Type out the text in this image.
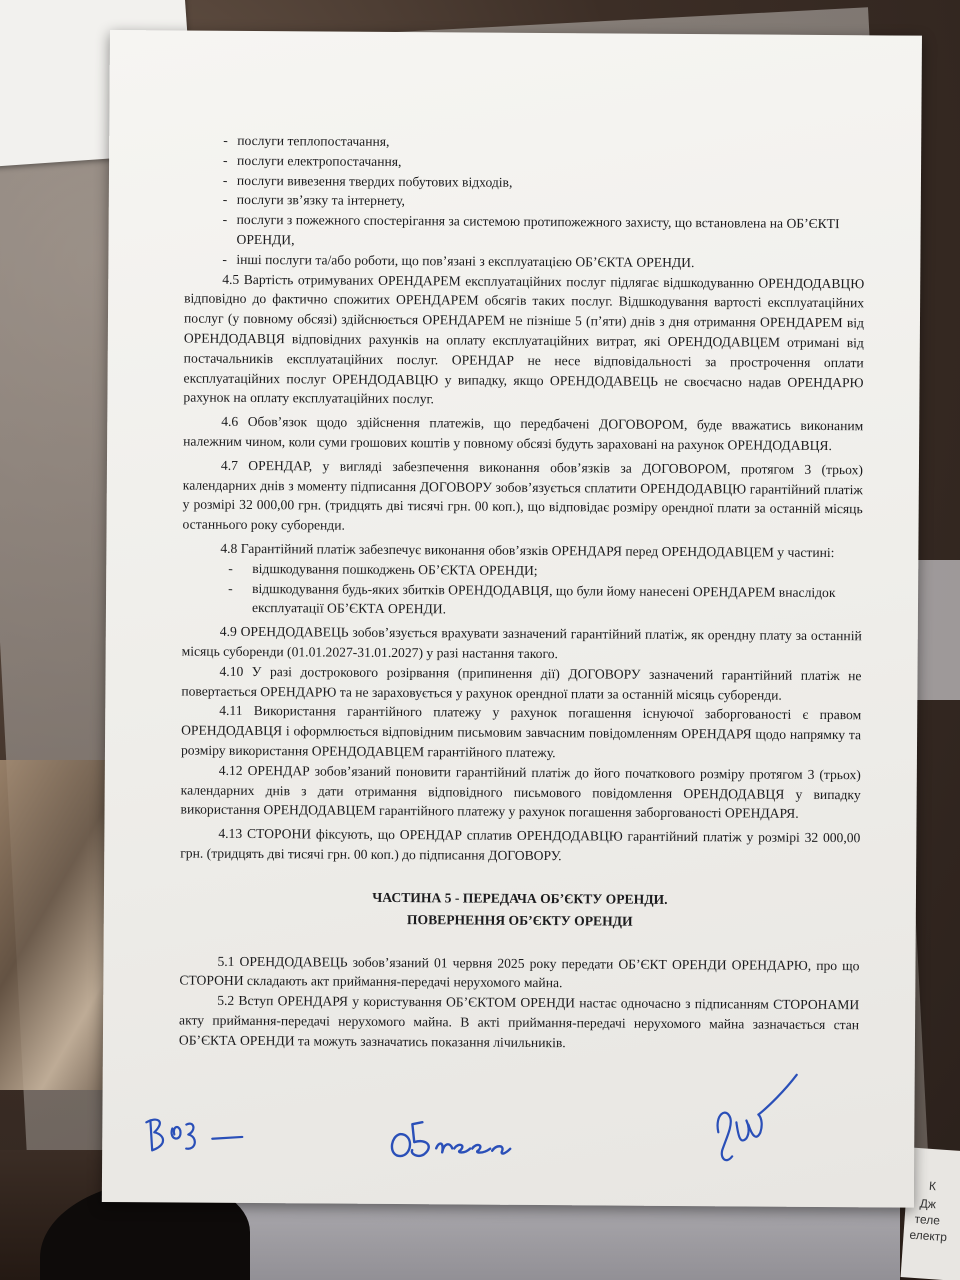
К
Дж
теле
електр
- послуги теплопостачання,
- послуги електропостачання,
- послуги вивезення твердих побутових відходів,
- послуги зв’язку та інтернету,
- послуги з пожежного спостерігання за системою протипожежного захисту, що встановлена на ОБ’ЄКТІ ОРЕНДИ,
- інші послуги та/або роботи, що пов’язані з експлуатацією ОБ’ЄКТА ОРЕНДИ.

4.5 Вартість отримуваних ОРЕНДАРЕМ експлуатаційних послуг підлягає відшкодуванню ОРЕНДОДАВЦЮ відповідно до фактично спожитих ОРЕНДАРЕМ обсягів таких послуг. Відшкодування вартості експлуатаційних послуг (у повному обсязі) здійснюється ОРЕНДАРЕМ не пізніше 5 (п’яти) днів з дня отримання ОРЕНДАРЕМ від ОРЕНДОДАВЦЯ відповідних рахунків на оплату експлуатаційних витрат, які ОРЕНДОДАВЦЕМ отримані від постачальників експлуатаційних послуг. ОРЕНДАР не несе відповідальності за прострочення оплати експлуатаційних послуг ОРЕНДОДАВЦЮ у випадку, якщо ОРЕНДОДАВЕЦЬ не своєчасно надав ОРЕНДАРЮ рахунок на оплату експлуатаційних послуг.

4.6 Обов’язок щодо здійснення платежів, що передбачені ДОГОВОРОМ, буде вважатись виконаним належним чином, коли суми грошових коштів у повному обсязі будуть зараховані на рахунок ОРЕНДОДАВЦЯ.

4.7 ОРЕНДАР, у вигляді забезпечення виконання обов’язків за ДОГОВОРОМ, протягом 3 (трьох) календарних днів з моменту підписання ДОГОВОРУ зобов’язується сплатити ОРЕНДОДАВЦЮ гарантійний платіж у розмірі 32 000,00 грн. (тридцять дві тисячі грн. 00 коп.), що відповідає розміру орендної плати за останній місяць останнього року суборенди.

4.8 Гарантійний платіж забезпечує виконання обов’язків ОРЕНДАРЯ перед ОРЕНДОДАВЦЕМ у частині:

- відшкодування пошкоджень ОБ’ЄКТА ОРЕНДИ;
- відшкодування будь-яких збитків ОРЕНДОДАВЦЯ, що були йому нанесені ОРЕНДАРЕМ внаслідок експлуатації ОБ’ЄКТА ОРЕНДИ.

4.9 ОРЕНДОДАВЕЦЬ зобов’язується врахувати зазначений гарантійний платіж, як орендну плату за останній місяць суборенди (01.01.2027-31.01.2027) у разі настання такого.

4.10 У разі дострокового розірвання (припинення дії) ДОГОВОРУ зазначений гарантійний платіж не повертається ОРЕНДАРЮ та не зараховується у рахунок орендної плати за останній місяць суборенди.

4.11 Використання гарантійного платежу у рахунок погашення існуючої заборгованості є правом ОРЕНДОДАВЦЯ і оформлюється відповідним письмовим завчасним повідомленням ОРЕНДАРЯ щодо напрямку та розміру використання ОРЕНДОДАВЦЕМ гарантійного платежу.

4.12 ОРЕНДАР зобов’язаний поновити гарантійний платіж до його початкового розміру протягом 3 (трьох) календарних днів з дати отримання відповідного письмового повідомлення ОРЕНДОДАВЦЯ у випадку використання ОРЕНДОДАВЦЕМ гарантійного платежу у рахунок погашення заборгованості ОРЕНДАРЯ.

4.13 СТОРОНИ фіксують, що ОРЕНДАР сплатив ОРЕНДОДАВЦЮ гарантійний платіж у розмірі 32 000,00 грн. (тридцять дві тисячі грн. 00 коп.) до підписання ДОГОВОРУ.

ЧАСТИНА 5 - ПЕРЕДАЧА ОБ’ЄКТУ ОРЕНДИ.
ПОВЕРНЕННЯ ОБ’ЄКТУ ОРЕНДИ

5.1 ОРЕНДОДАВЕЦЬ зобов’язаний 01 червня 2025 року передати ОБ’ЄКТ ОРЕНДИ ОРЕНДАРЮ, про що СТОРОНИ складають акт приймання-передачі нерухомого майна.

5.2 Вступ ОРЕНДАРЯ у користування ОБ’ЄКТОМ ОРЕНДИ настає одночасно з підписанням СТОРОНАМИ акту приймання-передачі нерухомого майна. В акті приймання-передачі нерухомого майна зазначається стан ОБ’ЄКТА ОРЕНДИ та можуть зазначатись показання лічильників.
